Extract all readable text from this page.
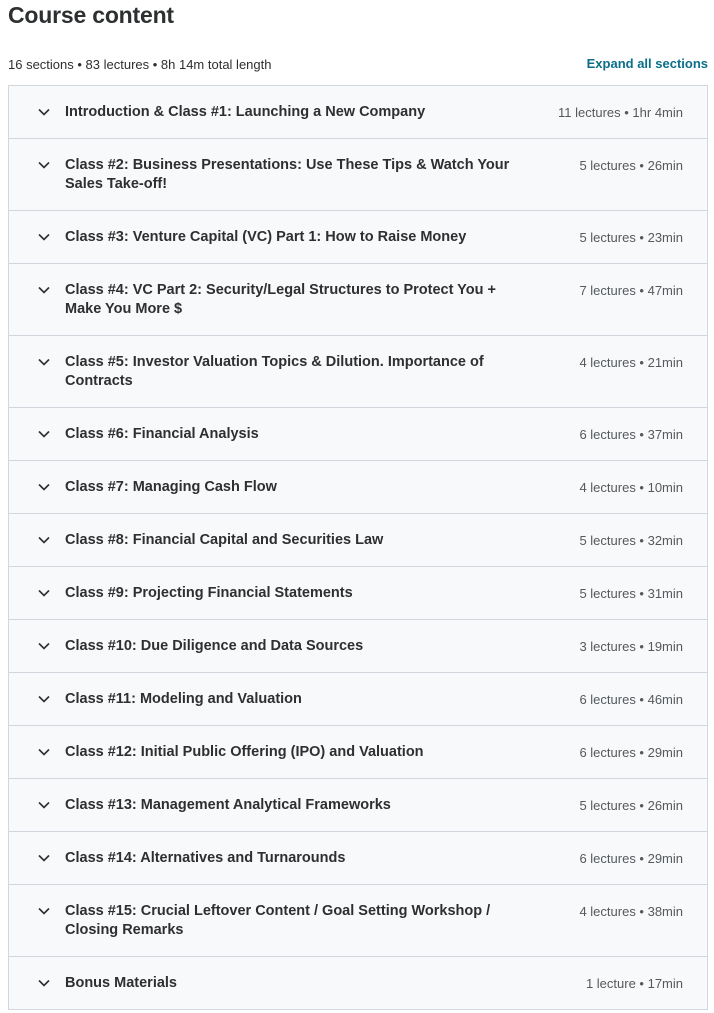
Course content
16 sections • 83 lectures • 8h 14m total length	Expand all sections
Introduction & Class #1: Launching a New Company	11 lectures • 1hr 4min
Class #2: Business Presentations: Use These Tips & Watch Your Sales Take-off!
5 lectures • 26min
Class #3: Venture Capital (VC) Part 1: How to Raise Money	5 lectures • 23min
Class #4: VC Part 2: Security/Legal Structures to Protect You + Make You More $
7 lectures • 47min
Class #5: Investor Valuation Topics & Dilution. Importance of Contracts
4 lectures • 21min
Class #6: Financial Analysis	6 lectures • 37min
Class #7: Managing Cash Flow	4 lectures • 10min
Class #8: Financial Capital and Securities Law	5 lectures • 32min
Class #9: Projecting Financial Statements	5 lectures • 31min
Class #10: Due Diligence and Data Sources	3 lectures • 19min
Class #11: Modeling and Valuation	6 lectures • 46min
Class #12: Initial Public Offering (IPO) and Valuation	6 lectures • 29min
Class #13: Management Analytical Frameworks	5 lectures • 26min
Class #14: Alternatives and Turnarounds	6 lectures • 29min
Class #15: Crucial Leftover Content / Goal Setting Workshop / Closing Remarks
4 lectures • 38min
Bonus Materials	1 lecture • 17min
